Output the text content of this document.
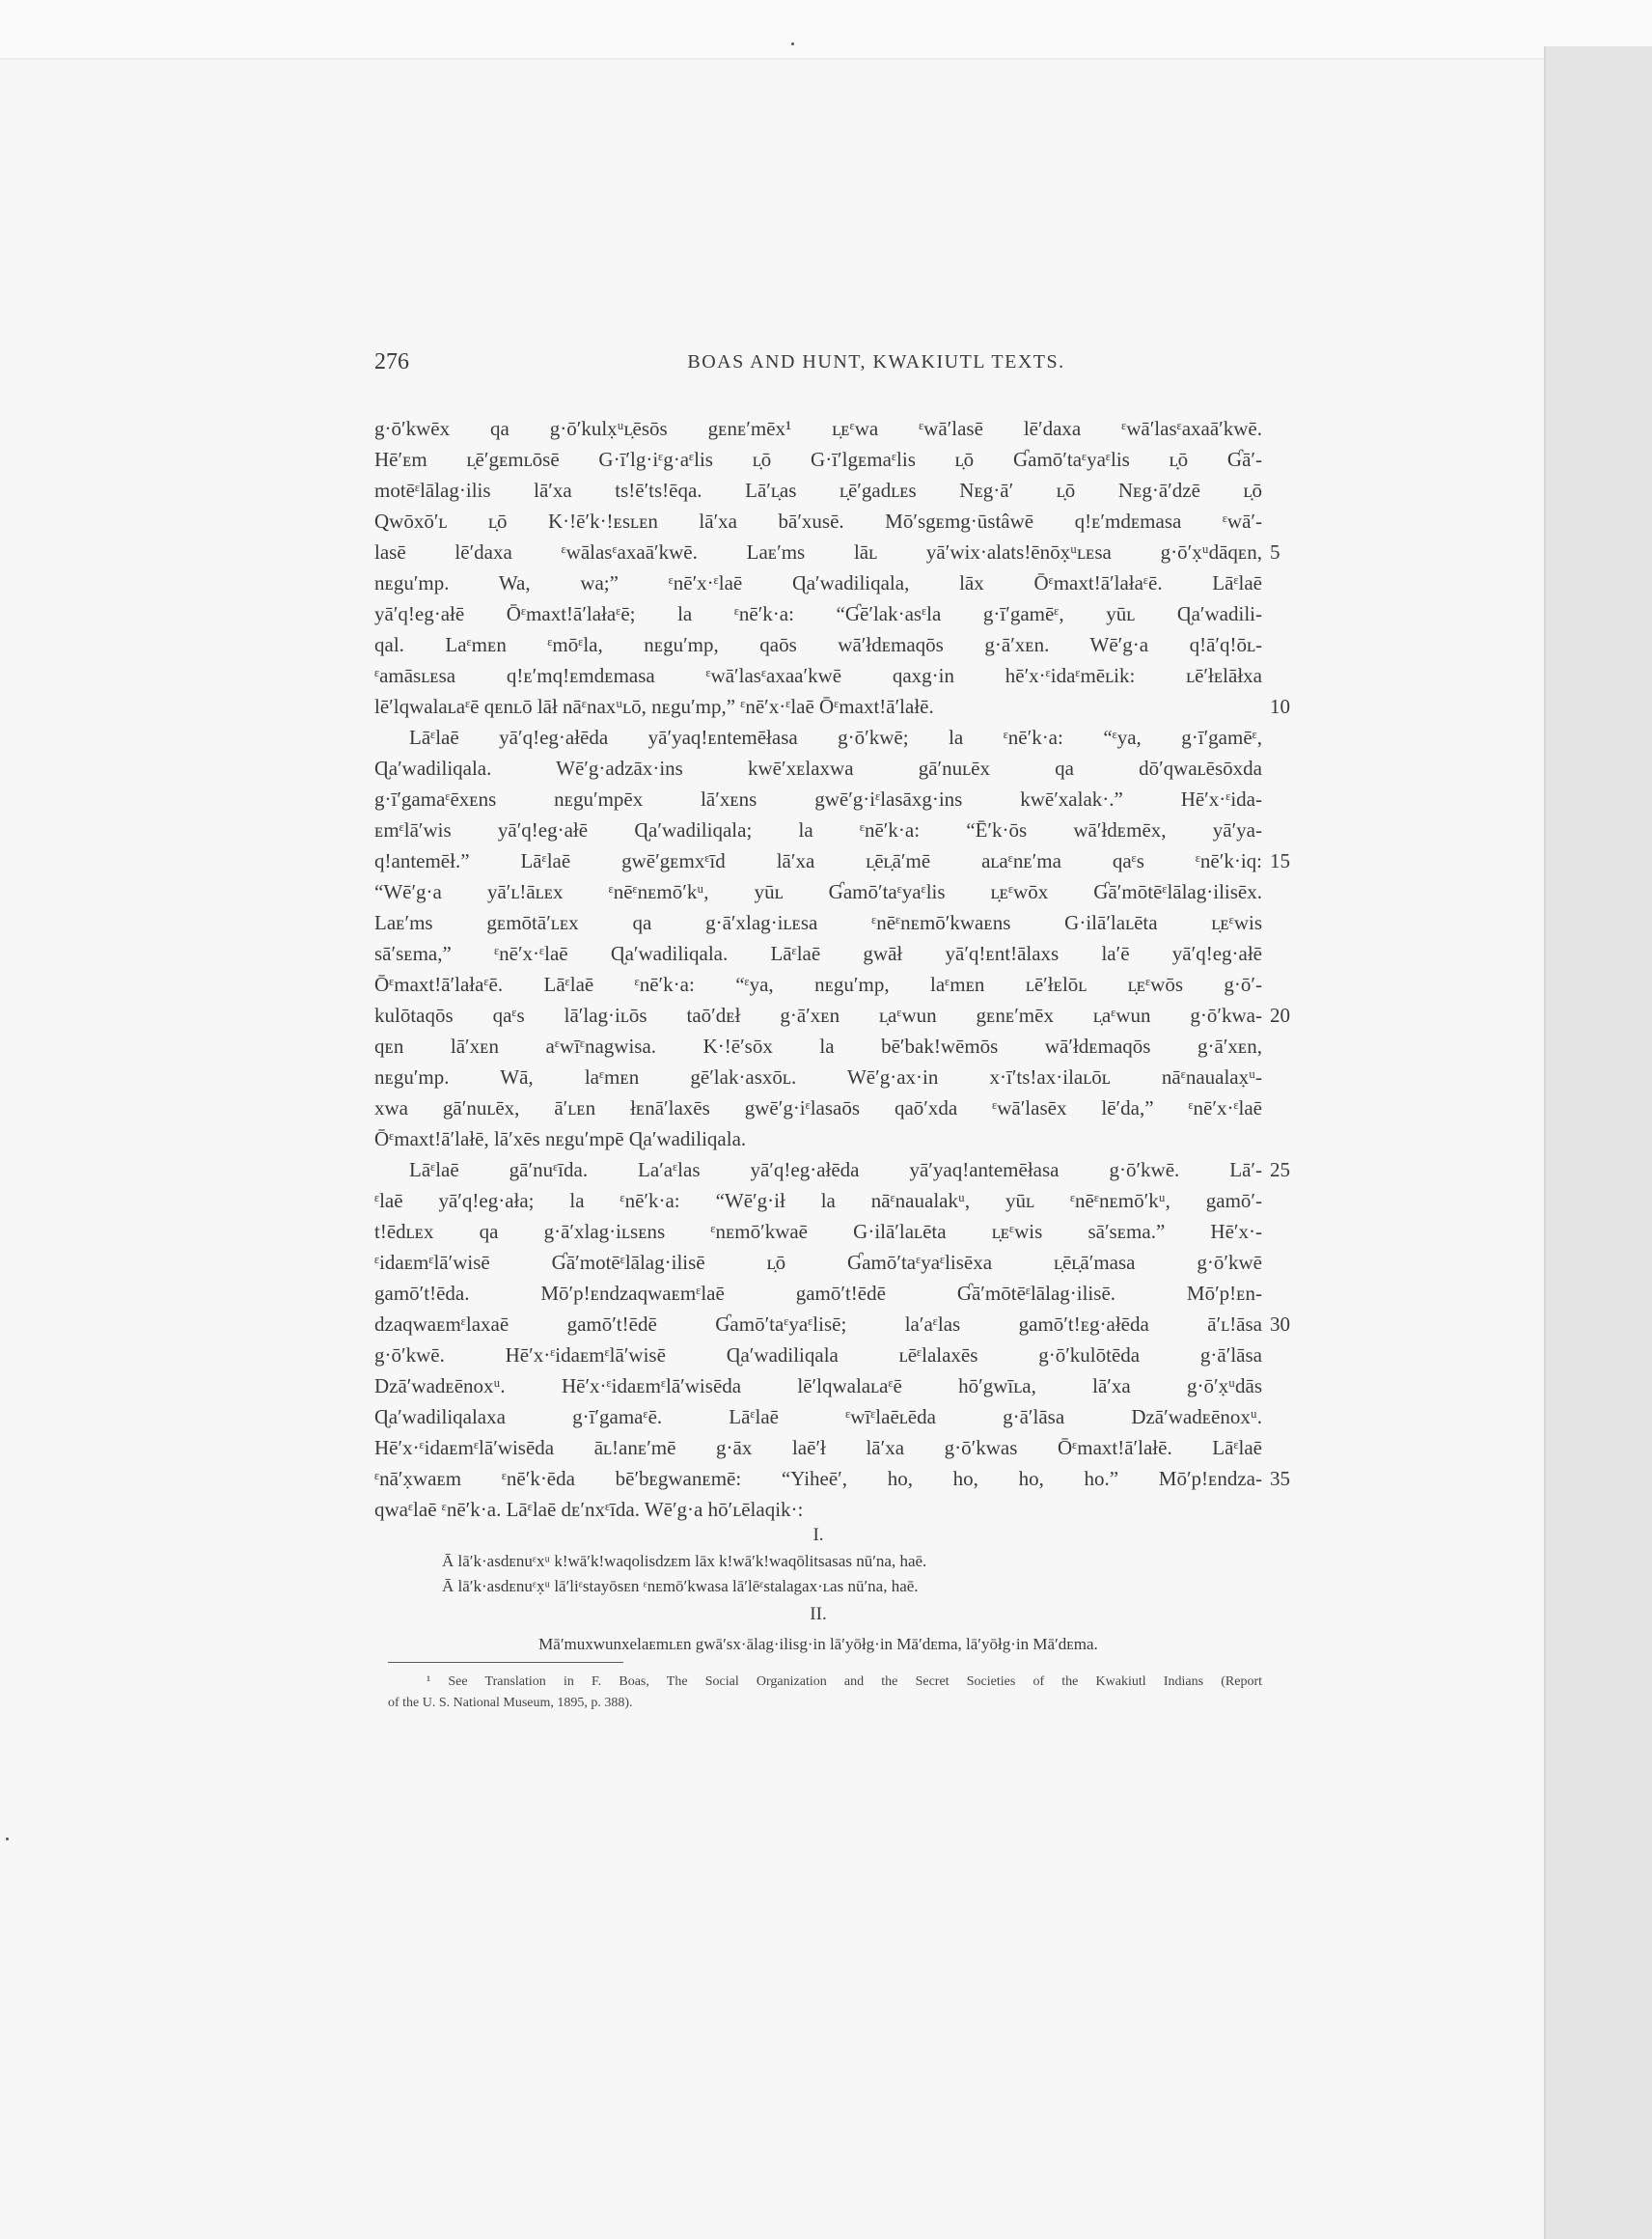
276	BOAS AND HUNT, KWAKIUTL TEXTS.
g·ō′kwēx qa g·ō′kulx̣ᵘʟ̣ēsōs gᴇnᴇ′mēx¹ ʟ̣ᴇᵋwa ᵋwā′lasē lē′daxa ᵋwā′lasᵋaxaā′kwē.
Hē′ᴇm ʟ̣ē′gᴇmʟōsē G·ī′lg·iᵋg·aᵋlis ʟ̣ō G·ī′lgᴇmaᵋlis ʟ̣ō Ɠamō′taᵋyaᵋlis ʟ̣ō Ɠā′-
motēᵋlālag·ilis lā′xa ts!ē′ts!ēqa. Lā′ʟ̣as ʟ̣ē′gadʟᴇs Nᴇg·ā′ ʟ̣ō Nᴇg·ā′dzē ʟ̣ō
Qwōxō′ʟ ʟ̣ō K·!ē′k·!ᴇsʟᴇn lā′xa bā′xusē. Mō′sgᴇmg·ūstâwē q!ᴇ′mdᴇmasa ᵋwā′-
lasē lē′daxa ᵋwālasᵋaxaā′kwē. Laᴇ′ms lāʟ yā′wix·alats!ēnōx̣ᵘʟᴇsa g·ō′x̣ᵘdāqᴇn,
nᴇgu′mp. Wa, wa;” ᵋnē′x·ᵋlaē Ɋa′wadiliqala, lāx Ōᵋmaxt!ā′lałaᵋē. Lāᵋlaē
yā′q!eg·ałē Ōᵋmaxt!ā′lałaᵋē; la ᵋnē′k·a: “Ɠē′lak·asᵋla g·ī′gamēᵋ, yūʟ Ɋa′wadili-
qal. Laᵋmᴇn ᵋmōᵋla, nᴇgu′mp, qaōs wā′łdᴇmaqōs g·ā′xᴇn. Wē′g·a q!ā′q!ōʟ-
ᵋamāsʟᴇsa q!ᴇ′mq!ᴇmdᴇmasa ᵋwā′lasᵋaxaa′kwē qaxg·in hē′x·ᵋidaᵋmēʟik: ʟē′łᴇlāłxa
lē′lqwalaʟaᵋē qᴇnʟō lāł nāᵋnaxᵘʟō, nᴇgu′mp,” ᵋnē′x·ᵋlaē Ōᵋmaxt!ā′lałē.
Lāᵋlaē yā′q!eg·ałēda yā′yaq!ᴇntemēłasa g·ō′kwē; la ᵋnē′k·a: “ᵋya, g·ī′gamēᵋ,
Ɋa′wadiliqala. Wē′g·adzāx·ins kwē′xᴇlaxwa gā′nuʟēx qa dō′qwaʟēsōxda
g·ī′gamaᵋēxᴇns nᴇgu′mpēx lā′xᴇns gwē′g·iᵋlasāxg·ins kwē′xalak·.” Hē′x·ᵋida-
ᴇmᵋlā′wis yā′q!eg·ałē Ɋa′wadiliqala; la ᵋnē′k·a: “Ē′k·ōs wā′łdᴇmēx, yā′ya-
q!antemēł.” Lāᵋlaē gwē′gᴇmxᵋīd lā′xa ʟ̣ēʟ̣ā′mē aʟaᵋnᴇ′ma qaᵋs ᵋnē′k·iq:
“Wē′g·a yā′ʟ!āʟᴇx ᵋnēᵋnᴇmō′kᵘ, yūʟ Ɠamō′taᵋyaᵋlis ʟ̣ᴇᵋwōx Ɠā′mōtēᵋlālag·ilisēx.
Laᴇ′ms gᴇmōtā′ʟᴇx qa g·ā′xlag·iʟᴇsa ᵋnēᵋnᴇmō′kwaᴇns G·ilā′laʟēta ʟ̣ᴇᵋwis
sā′sᴇma,” ᵋnē′x·ᵋlaē Ɋa′wadiliqala. Lāᵋlaē gwāł yā′q!ᴇnt!ālaxs la′ē yā′q!eg·ałē
Ōᵋmaxt!ā′lałaᵋē. Lāᵋlaē ᵋnē′k·a: “ᵋya, nᴇgu′mp, laᵋmᴇn ʟē′łᴇlōʟ ʟ̣ᴇᵋwōs g·ō′-
kulōtaqōs qaᵋs lā′lag·iʟōs taō′dᴇł g·ā′xᴇn ʟ̣aᵋwun gᴇnᴇ′mēx ʟ̣aᵋwun g·ō′kwa-
qᴇn lā′xᴇn aᵋwīᵋnagwisa. K·!ē′sōx la bē′bak!wēmōs wā′łdᴇmaqōs g·ā′xᴇn,
nᴇgu′mp. Wā, laᵋmᴇn gē′lak·asxōʟ. Wē′g·ax·in x·ī′ts!ax·ilaʟōʟ nāᵋnaualax̣ᵘ-
xwa gā′nuʟēx, ā′ʟᴇn łᴇnā′laxēs gwē′g·iᵋlasaōs qaō′xda ᵋwā′lasēx lē′da,” ᵋnē′x·ᵋlaē
Ōᵋmaxt!ā′lałē, lā′xēs nᴇgu′mpē Ɋa′wadiliqala.
Lāᵋlaē gā′nuᵋīda. La′aᵋlas yā′q!eg·ałēda yā′yaq!antemēłasa g·ō′kwē. Lā′-
ᵋlaē yā′q!eg·ała; la ᵋnē′k·a: “Wē′g·ił la nāᵋnaualakᵘ, yūʟ ᵋnēᵋnᴇmō′kᵘ, gamō′-
t!ēdʟᴇx qa g·ā′xlag·iʟsᴇns ᵋnᴇmō′kwaē G·ilā′laʟēta ʟ̣ᴇᵋwis sā′sᴇma.” Hē′x·-
ᵋidaᴇmᵋlā′wisē Ɠā′motēᵋlālag·ilisē ʟ̣ō Ɠamō′taᵋyaᵋlisēxa ʟ̣ēʟ̣ā′masa g·ō′kwē
gamō′t!ēda. Mō′p!ᴇndzaqwaᴇmᵋlaē gamō′t!ēdē Ɠā′mōtēᵋlālag·ilisē. Mō′p!ᴇn-
dzaqwaᴇmᵋlaxaē gamō′t!ēdē Ɠamō′taᵋyaᵋlisē; la′aᵋlas gamō′t!ᴇg·ałēda ā′ʟ!āsa
g·ō′kwē. Hē′x·ᵋidaᴇmᵋlā′wisē Ɋa′wadiliqala ʟēᵋlalaxēs g·ō′kulōtēda g·ā′lāsa
Dzā′wadᴇēnoxᵘ. Hē′x·ᵋidaᴇmᵋlā′wisēda lē′lqwalaʟaᵋē hō′gwīʟa, lā′xa g·ō′x̣ᵘdās
Ɋa′wadiliqalaxa g·ī′gamaᵋē. Lāᵋlaē ᵋwīᵋlaēʟēda g·ā′lāsa Dzā′wadᴇēnoxᵘ.
Hē′x·ᵋidaᴇmᵋlā′wisēda āʟ!anᴇ′mē g·āx laē′ł lā′xa g·ō′kwas Ōᵋmaxt!ā′lałē. Lāᵋlaē
ᵋnā′x̣waᴇm ᵋnē′k·ēda bē′bᴇgwanᴇmē: “Yiheē′, ho, ho, ho, ho.” Mō′p!ᴇndza-
qwaᵋlaē ᵋnē′k·a. Lāᵋlaē dᴇ′nxᵋīda. Wē′g·a hō′ʟēlaqik·:
5
10
15
20
25
30
35
I.
Ā lā′k·asdᴇnuᵋxᵘ k!wā′k!waqolisdzᴇm lāx k!wā′k!waqōlitsasas nū′na, haē.
Ā lā′k·asdᴇnuᵋx̣ᵘ lā′liᵋstayōsᴇn ᵋnᴇmō′kwasa lā′lēᵋstalagax·ʟas nū′na, haē.
II.
Mā′muxwunxelaᴇmʟᴇn gwā′sx·ālag·ilisg·in lā′yōłg·in Mā′dᴇma, lā′yōłg·in Mā′dᴇma.
¹ See Translation in F. Boas, The Social Organization and the Secret Societies of the Kwakiutl Indians (Report
of the U. S. National Museum, 1895, p. 388).
